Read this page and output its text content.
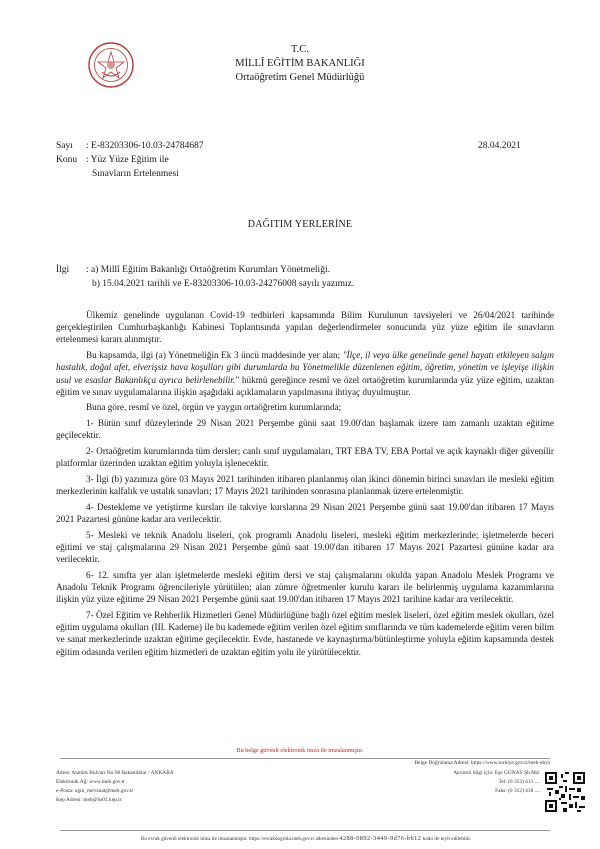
T.C.
MİLLÎ EĞİTİM BAKANLIĞI
Ortaöğretim Genel Müdürlüğü
Sayı : E-83203306-10.03-24784687	28.04.2021
Konu : Yüz Yüze Eğitim ile
Sınavların Ertelenmesi
DAĞITIM YERLERİNE
İlgi : a) Millî Eğitim Bakanlığı Ortaöğretim Kurumları Yönetmeliği.
b) 15.04.2021 tarihli ve E-83203306-10.03-24276008 sayılı yazımız.

Ülkemiz genelinde uygulanan Covid-19 tedbirleri kapsamında Bilim Kurulunun tavsiyeleri ve 26/04/2021 tarihinde gerçekleştirilen Cumhurbaşkanlığı Kabinesi Toplantısında yapılan değerlendirmeler sonucunda yüz yüze eğitim ile sınavların ertelenmesi kararı alınmıştır.

Bu kapsamda, ilgi (a) Yönetmeliğin Ek 3 üncü maddesinde yer alan; "İlçe, il veya ülke genelinde genel hayatı etkileyen salgın hastalık, doğal afet, elverişsiz hava koşulları gibi durumlarda bu Yönetmelikle düzenlenen eğitim, öğretim, yönetim ve işleyişe ilişkin usul ve esaslar Bakanlıkça ayrıca belirlenebilir." hükmü gereğince resmî ve özel ortaöğretim kurumlarında yüz yüze eğitim, uzaktan eğitim ve sınav uygulamalarına ilişkin aşağıdaki açıklamaların yapılmasına ihtiyaç duyulmuştur.

Buna göre, resmî ve özel, örgün ve yaygın ortaöğretim kurumlarında;

1- Bütün sınıf düzeylerinde 29 Nisan 2021 Perşembe günü saat 19.00'dan başlamak üzere tam zamanlı uzaktan eğitime geçilecektir.

2- Ortaöğretim kurumlarında tüm dersler; canlı sınıf uygulamaları, TRT EBA TV, EBA Portal ve açık kaynaklı diğer güvenilir platformlar üzerinden uzaktan eğitim yoluyla işlenecektir.

3- İlgi (b) yazımıza göre 03 Mayıs 2021 tarihinden itibaren planlanmış olan ikinci dönemin birinci sınavları ile mesleki eğitim merkezlerinin kalfalık ve ustalık sınavları; 17 Mayıs 2021 tarihinden sonrasına planlanmak üzere ertelenmiştir.

4- Destekleme ve yetiştirme kursları ile takviye kurslarına 29 Nisan 2021 Perşembe günü saat 19.00'dan itibaren 17 Mayıs 2021 Pazartesi gününe kadar ara verilecektir.

5- Mesleki ve teknik Anadolu liseleri, çok programlı Anadolu liseleri, mesleki eğitim merkezlerinde; işletmelerde beceri eğitimi ve staj çalışmalarına 29 Nisan 2021 Perşembe günü saat 19.00'dan itibaren 17 Mayıs 2021 Pazartesi gününe kadar ara verilecektir.

6- 12. sınıfta yer alan işletmelerde mesleki eğitim dersi ve staj çalışmalarını okulda yapan Anadolu Meslek Programı ve Anadolu Teknik Programı öğrencileriyle yürütülen; alan zümre öğretmenler kurulu kararı ile belirlenmiş uygulama kazanımlarına ilişkin yüz yüze eğitime 29 Nisan 2021 Perşembe günü saat 19.00'dan itibaren 17 Mayıs 2021 tarihine kadar ara verilecektir.

7- Özel Eğitim ve Rehberlik Hizmetleri Genel Müdürlüğüne bağlı özel eğitim meslek liseleri, özel eğitim meslek okulları, özel eğitim uygulama okulları (III. Kademe) ile bu kademede eğitim verilen özel eğitim sınıflarında ve tüm kademelerde eğitim veren bilim ve sanat merkezlerinde uzaktan eğitime geçilecektir. Evde, hastanede ve kaynaştırma/bütünleştirme yoluyla eğitim kapsamında destek eğitim odasında verilen eğitim hizmetleri de uzaktan eğitim yolu ile yürütülecektir.

Bu belge güvenli elektronik imza ile imzalanmıştır.
Belge Doğrulama Adresi: https://www.turkiye.gov.tr/meb-ebys
Adres: Atatürk Bulvarı No:98 Bakanlıklar / ANKARA
Elektronik Ağ: www.meb.gov.tr
e-Posta: ogm_mevzuat@meb.gov.tr
Kep Adresi: meb@hs01.kep.tr
Ayrıntılı bilgi için: Eşe GÜNAY Şb.Md.
Tel: (0 312) 413 ....
Faks: (0 312) 418 ....
Bu evrak güvenli elektronik imza ile imzalanmıştır. https://evrakdogrula.meb.gov.tr adresinden 4288-0892-3449-9d76-bb12 kodu ile teyit edilebilir.
